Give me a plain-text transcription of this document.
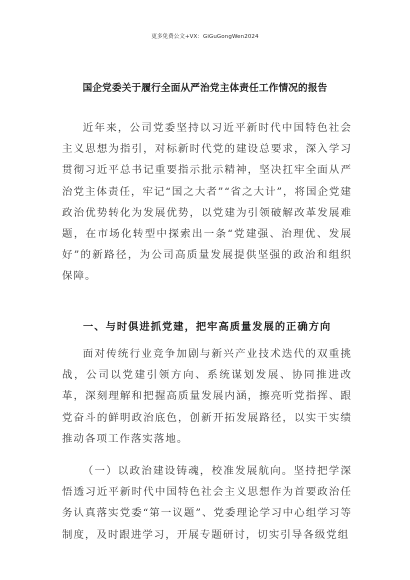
更多免费公文+VX：GiGuGongWen2024
国企党委关于履行全面从严治党主体责任工作情况的报告

近年来，公司党委坚持以习近平新时代中国特色社会主义思想为指引，对标新时代党的建设总要求，深入学习贯彻习近平总书记重要指示批示精神，坚决扛牢全面从严治党主体责任，牢记“国之大者”“省之大计”，将国企党建政治优势转化为发展优势，以党建为引领破解改革发展难题，在市场化转型中探索出一条“党建强、治理优、发展好”的新路径，为公司高质量发展提供坚强的政治和组织保障。

一、与时俱进抓党建，把牢高质量发展的正确方向

面对传统行业竞争加剧与新兴产业技术迭代的双重挑战，公司以党建引领方向、系统谋划发展、协同推进改革，深刻理解和把握高质量发展内涵，擦亮听党指挥、跟党奋斗的鲜明政治底色，创新开拓发展路径，以实干实绩推动各项工作落实落地。

（一）以政治建设铸魂，校准发展航向。坚持把学深悟透习近平新时代中国特色社会主义思想作为首要政治任务认真落实党委“第一议题”、党委理论学习中心组学习等制度，及时跟进学习，开展专题研讨，切实引导各级党组
